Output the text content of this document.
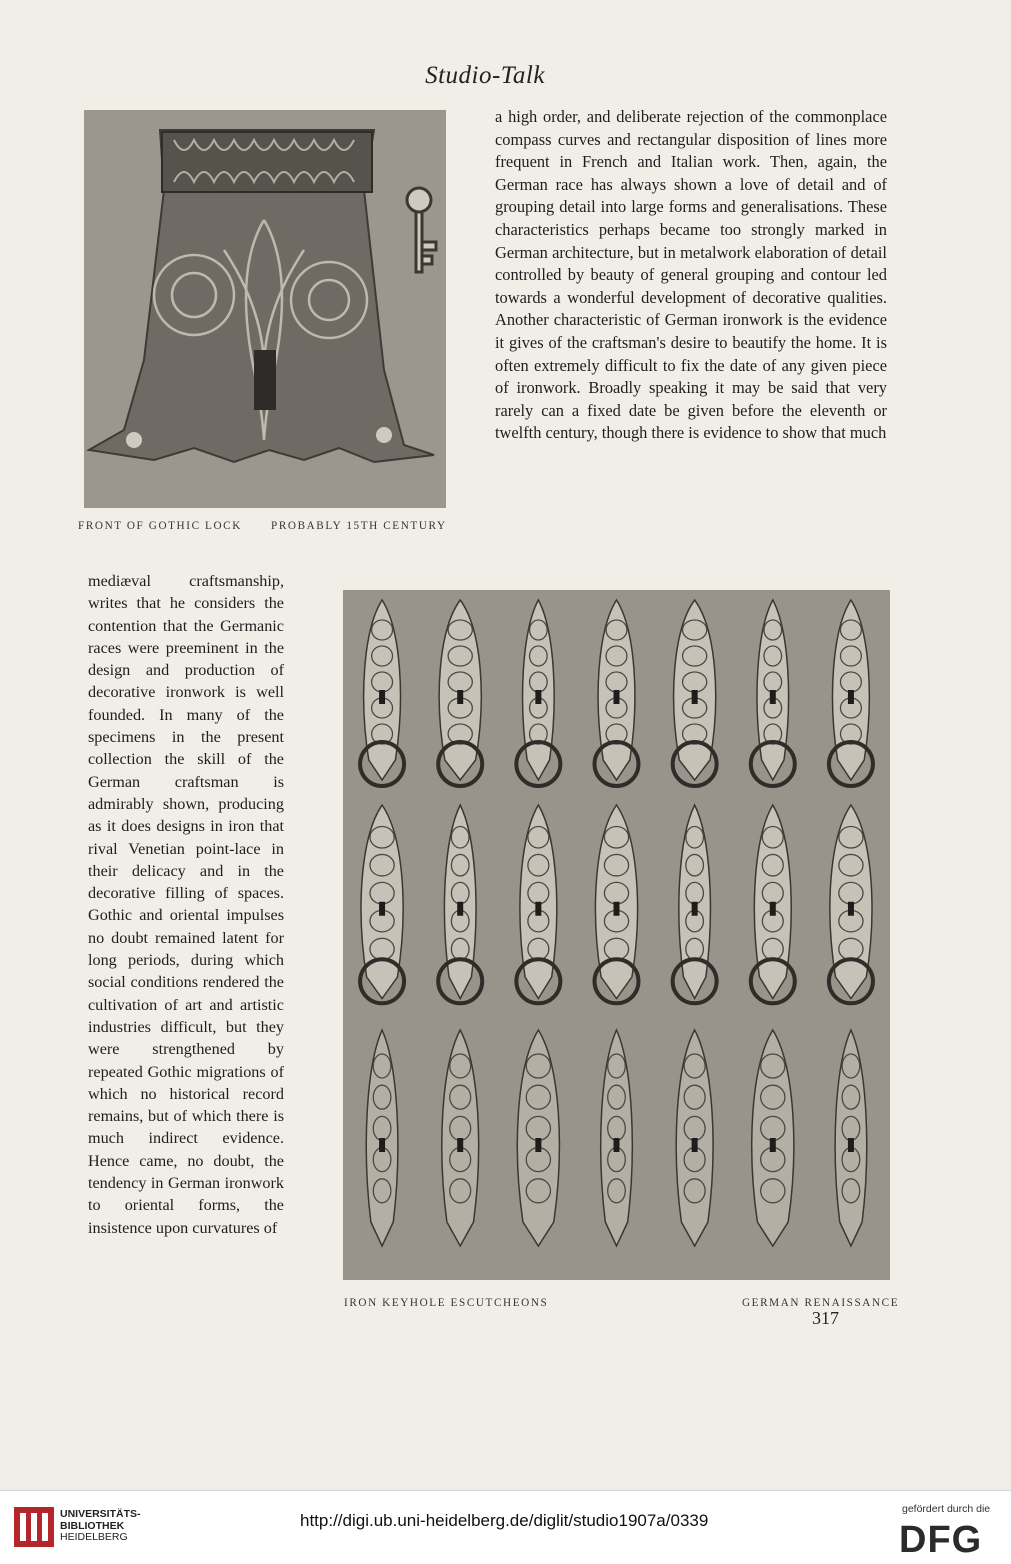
Studio-Talk
FRONT OF GOTHIC LOCK	PROBABLY 15TH CENTURY

a high order, and deliberate rejection of the commonplace compass curves and rectangular disposition of lines more frequent in French and Italian work. Then, again, the German race has always shown a love of detail and of grouping detail into large forms and generalisations. These characteristics perhaps became too strongly marked in German architecture, but in metalwork elaboration of detail controlled by beauty of general grouping and contour led towards a wonderful development of decorative qualities. Another characteristic of German ironwork is the evidence it gives of the craftsman's desire to beautify the home. It is often extremely difficult to fix the date of any given piece of ironwork. Broadly speaking it may be said that very rarely can a fixed date be given before the eleventh or twelfth century, though there is evidence to show that much

mediæval craftsmanship, writes that he considers the contention that the Germanic races were preeminent in the design and production of decorative ironwork is well founded. In many of the specimens in the present collection the skill of the German craftsman is admirably shown, producing as it does designs in iron that rival Venetian point-lace in their delicacy and in the decorative filling of spaces. Gothic and oriental impulses no doubt remained latent for long periods, during which social conditions rendered the cultivation of art and artistic industries difficult, but they were strengthened by repeated Gothic migrations of which no historical record remains, but of which there is much indirect evidence. Hence came, no doubt, the tendency in German ironwork to oriental forms, the insistence upon curvatures of

IRON KEYHOLE ESCUTCHEONS	GERMAN RENAISSANCE
317
UNIVERSITÄTS-
BIBLIOTHEK
HEIDELBERG
http://digi.ub.uni-heidelberg.de/diglit/studio1907a/0339
gefördert durch die
DFG
